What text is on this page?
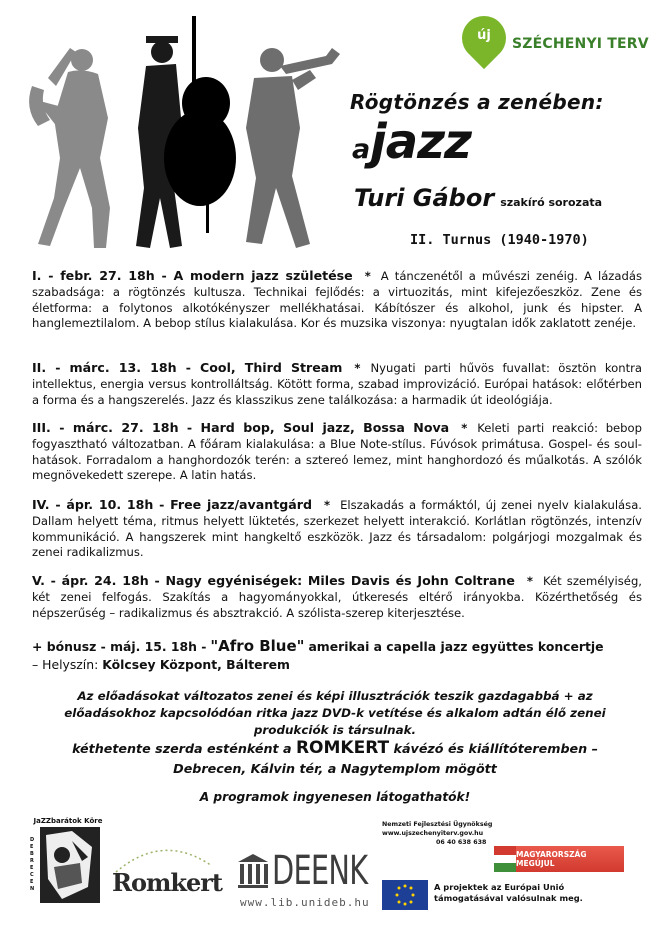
új
SZÉCHENYI TERV
Rögtönzés a zenében:
ajazz
Turi Gábor szakíró sorozata
II. Turnus (1940-1970)
I. - febr. 27. 18h - A modern jazz születése * A tánczenétől a művészi zenéig. A lázadás szabadsága: a rögtönzés kultusza. Technikai fejlődés: a virtuozitás, mint kifejezőeszköz. Zene és életforma: a folytonos alkotókényszer mellékhatásai. Kábítószer és alkohol, junk és hipster. A hanglemeztilalom. A bebop stílus kialakulása. Kor és muzsika viszonya: nyugtalan idők zaklatott zenéje.
II. - márc. 13. 18h - Cool, Third Stream * Nyugati parti hűvös fuvallat: ösztön kontra intellektus, energia versus kontrolláltság. Kötött forma, szabad improvizáció. Európai hatások: előtérben a forma és a hangszerelés. Jazz és klasszikus zene találkozása: a harmadik út ideológiája.
III. - márc. 27. 18h - Hard bop, Soul jazz, Bossa Nova * Keleti parti reakció: bebop fogyasztható változatban. A főáram kialakulása: a Blue Note-stílus. Fúvósok primátusa. Gospel- és soul-hatások. Forradalom a hanghordozók terén: a sztereó lemez, mint hanghordozó és műalkotás. A szólók megnövekedett szerepe. A latin hatás.
IV. - ápr. 10. 18h - Free jazz/avantgárd * Elszakadás a formáktól, új zenei nyelv kialakulása. Dallam helyett téma, ritmus helyett lüktetés, szerkezet helyett interakció. Korlátlan rögtönzés, intenzív kommunikáció. A hangszerek mint hangkeltő eszközök. Jazz és társadalom: polgárjogi mozgalmak és zenei radikalizmus.
V. - ápr. 24. 18h - Nagy egyéniségek: Miles Davis és John Coltrane * Két személyiség, két zenei felfogás. Szakítás a hagyományokkal, útkeresés eltérő irányokba. Közérthetőség és népszerűség – radikalizmus és absztrakció. A szólista-szerep kiterjesztése.
+ bónusz - máj. 15. 18h - "Afro Blue" amerikai a capella jazz együttes koncertje
– Helyszín: Kölcsey Központ, Bálterem
Az előadásokat változatos zenei és képi illusztrációk teszik gazdagabbá + az előadásokhoz kapcsolódóan ritka jazz DVD-k vetítése és alkalom adtán élő zenei produkciók is társulnak.
kéthetente szerda esténként a ROMKERT kávézó és kiállítóteremben –
Debrecen, Kálvin tér, a Nagytemplom mögött
A programok ingyenesen látogathatók!
JaZZbarátok Köre
DEBRECEN	Romkert DEENK
www.lib.unideb.hu
Nemzeti Fejlesztési Ügynökség
www.ujszechenyiterv.gov.hu
06 40 638 638
MAGYARORSZÁG MEGÚJUL
A projektek az Európai Unió támogatásával valósulnak meg.
